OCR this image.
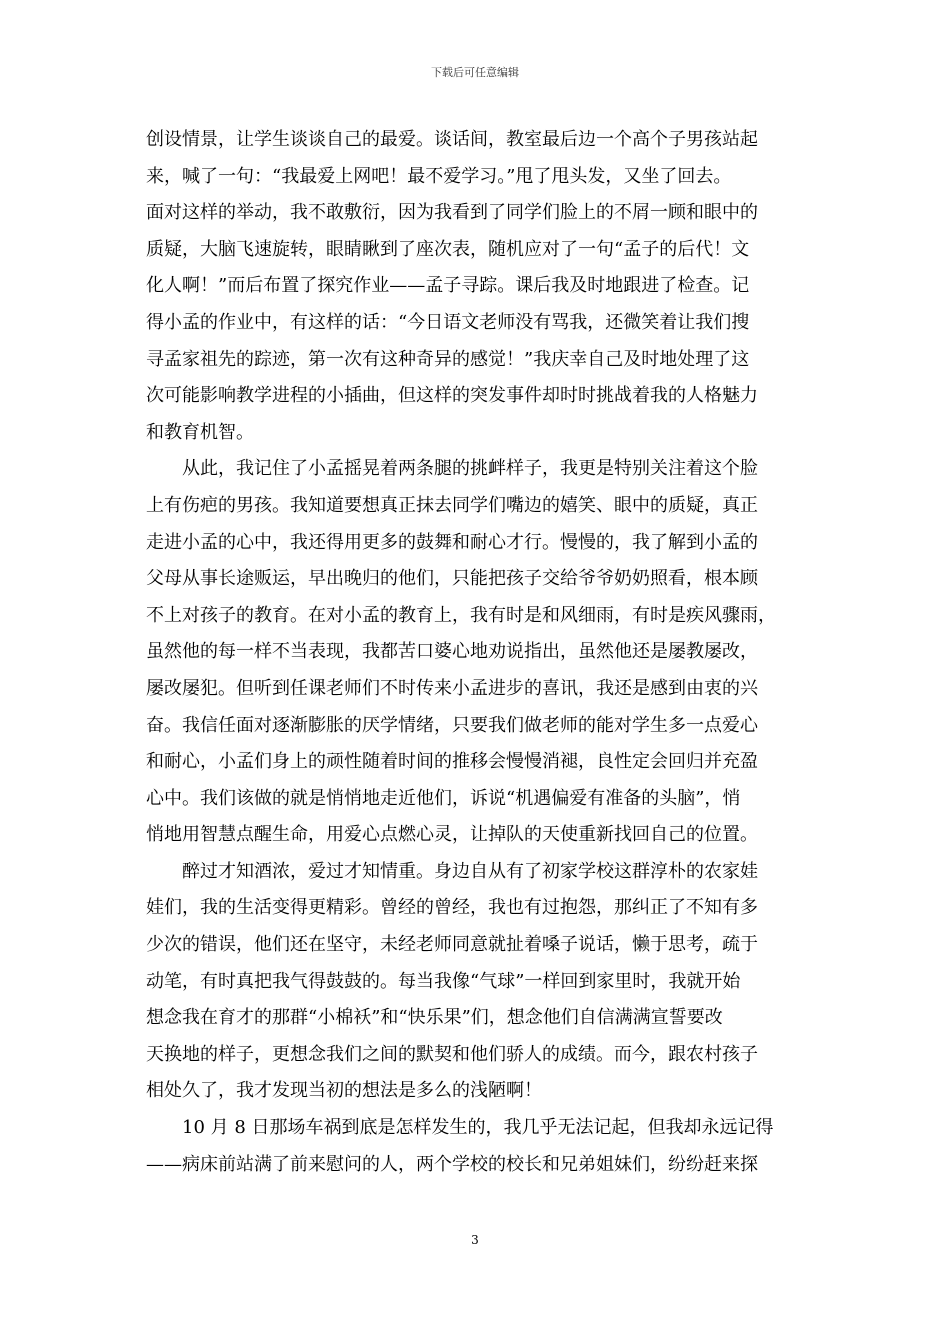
下载后可任意编辑
创设情景，让学生谈谈自己的最爱。谈话间，教室最后边一个高个子男孩站起
来，喊了一句：“我最爱上网吧！最不爱学习。”甩了甩头发，又坐了回去。
面对这样的举动，我不敢敷衍，因为我看到了同学们脸上的不屑一顾和眼中的
质疑，大脑飞速旋转，眼睛瞅到了座次表，随机应对了一句“孟子的后代！文
化人啊！”而后布置了探究作业——孟子寻踪。课后我及时地跟进了检查。记
得小孟的作业中，有这样的话：“今日语文老师没有骂我，还微笑着让我们搜
寻孟家祖先的踪迹，第一次有这种奇异的感觉！”我庆幸自己及时地处理了这
次可能影响教学进程的小插曲，但这样的突发事件却时时挑战着我的人格魅力
和教育机智。
从此，我记住了小孟摇晃着两条腿的挑衅样子，我更是特别关注着这个脸
上有伤疤的男孩。我知道要想真正抹去同学们嘴边的嬉笑、眼中的质疑，真正
走进小孟的心中，我还得用更多的鼓舞和耐心才行。慢慢的，我了解到小孟的
父母从事长途贩运，早出晚归的他们，只能把孩子交给爷爷奶奶照看，根本顾
不上对孩子的教育。在对小孟的教育上，我有时是和风细雨，有时是疾风骤雨，
虽然他的每一样不当表现，我都苦口婆心地劝说指出，虽然他还是屡教屡改，
屡改屡犯。但听到任课老师们不时传来小孟进步的喜讯，我还是感到由衷的兴
奋。我信任面对逐渐膨胀的厌学情绪，只要我们做老师的能对学生多一点爱心
和耐心，小孟们身上的顽性随着时间的推移会慢慢消褪，良性定会回归并充盈
心中。我们该做的就是悄悄地走近他们，诉说“机遇偏爱有准备的头脑”，悄
悄地用智慧点醒生命，用爱心点燃心灵，让掉队的天使重新找回自己的位置。
醉过才知酒浓，爱过才知情重。身边自从有了初家学校这群淳朴的农家娃
娃们，我的生活变得更精彩。曾经的曾经，我也有过抱怨，那纠正了不知有多
少次的错误，他们还在坚守，未经老师同意就扯着嗓子说话，懒于思考，疏于
动笔，有时真把我气得鼓鼓的。每当我像“气球”一样回到家里时，我就开始
想念我在育才的那群“小棉袄”和“快乐果”们，想念他们自信满满宣誓要改
天换地的样子，更想念我们之间的默契和他们骄人的成绩。而今，跟农村孩子
相处久了，我才发现当初的想法是多么的浅陋啊！
10 月 8 日那场车祸到底是怎样发生的，我几乎无法记起，但我却永远记得
——病床前站满了前来慰问的人，两个学校的校长和兄弟姐妹们，纷纷赶来探
3
